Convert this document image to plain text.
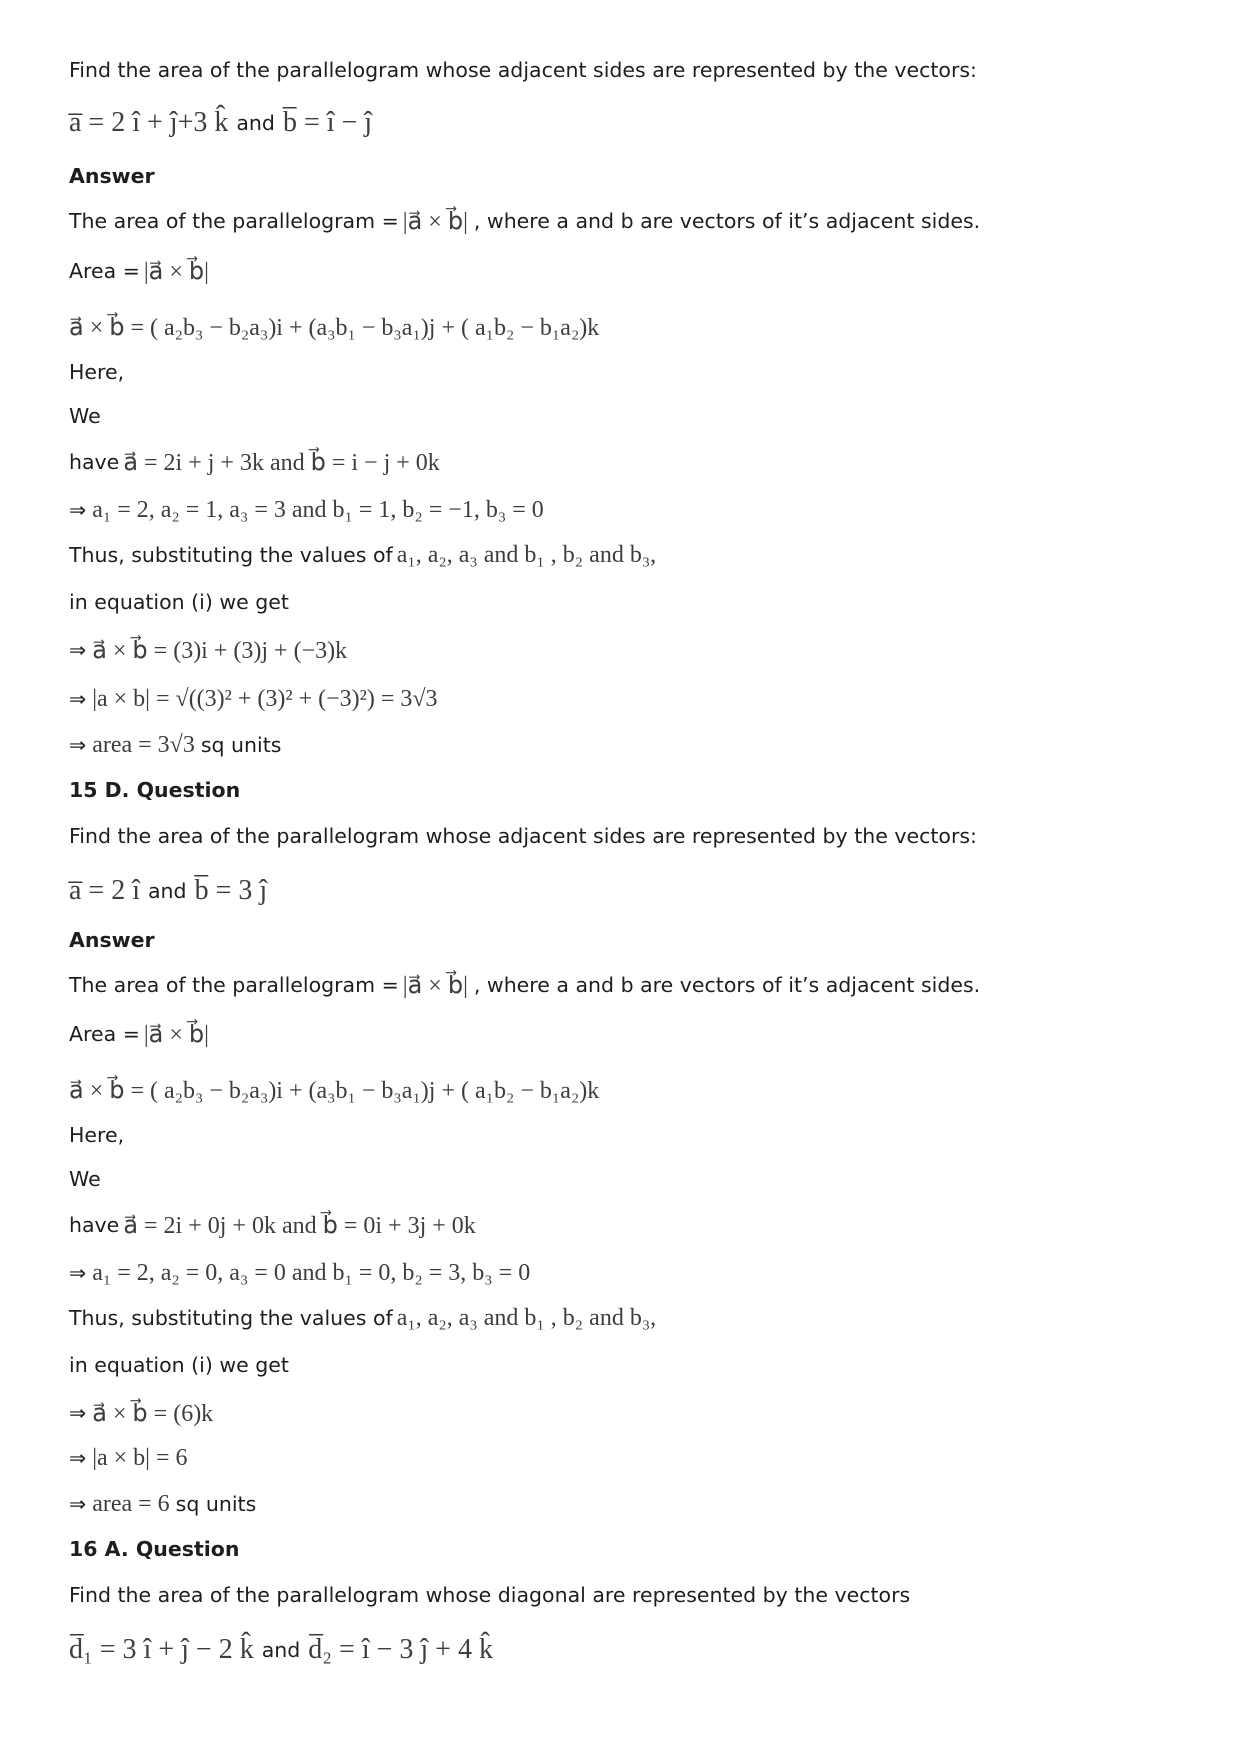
Find the area of the parallelogram whose adjacent sides are represented by the vectors:
a̅ = 2 î + ĵ+3 k̂ and b̅ = î − ĵ
Answer
The area of the parallelogram = |a⃗ × b⃗| , where a and b are vectors of it’s adjacent sides.
Area = |a⃗ × b⃗|
a⃗ × b⃗ = ( a₂b₃ − b₂a₃)i + (a₃b₁ − b₃a₁)j + ( a₁b₂ − b₁a₂)k
Here,
We
have a⃗ = 2i + j + 3k and b⃗ = i − j + 0k
⇒ a₁ = 2, a₂ = 1, a₃ = 3 and b₁ = 1, b₂ = −1, b₃ = 0
Thus, substituting the values of a₁, a₂, a₃ and b₁ , b₂ and b₃,
in equation (i) we get
⇒ a⃗ × b⃗ = (3)i + (3)j + (−3)k
⇒ |a × b| = √((3)² + (3)² + (−3)²) = 3√3
⇒ area = 3√3 sq units
15 D. Question
Find the area of the parallelogram whose adjacent sides are represented by the vectors:
a̅ = 2 î and b̅ = 3 ĵ
Answer
The area of the parallelogram = |a⃗ × b⃗| , where a and b are vectors of it’s adjacent sides.
Area = |a⃗ × b⃗|
a⃗ × b⃗ = ( a₂b₃ − b₂a₃)i + (a₃b₁ − b₃a₁)j + ( a₁b₂ − b₁a₂)k
Here,
We
have a⃗ = 2i + 0j + 0k and b⃗ = 0i + 3j + 0k
⇒ a₁ = 2, a₂ = 0, a₃ = 0 and b₁ = 0, b₂ = 3, b₃ = 0
Thus, substituting the values of a₁, a₂, a₃ and b₁ , b₂ and b₃,
in equation (i) we get
⇒ a⃗ × b⃗ = (6)k
⇒ |a × b| = 6
⇒ area = 6 sq units
16 A. Question
Find the area of the parallelogram whose diagonal are represented by the vectors
d̅₁ = 3 î + ĵ − 2 k̂ and d̅₂ = î − 3 ĵ + 4 k̂
